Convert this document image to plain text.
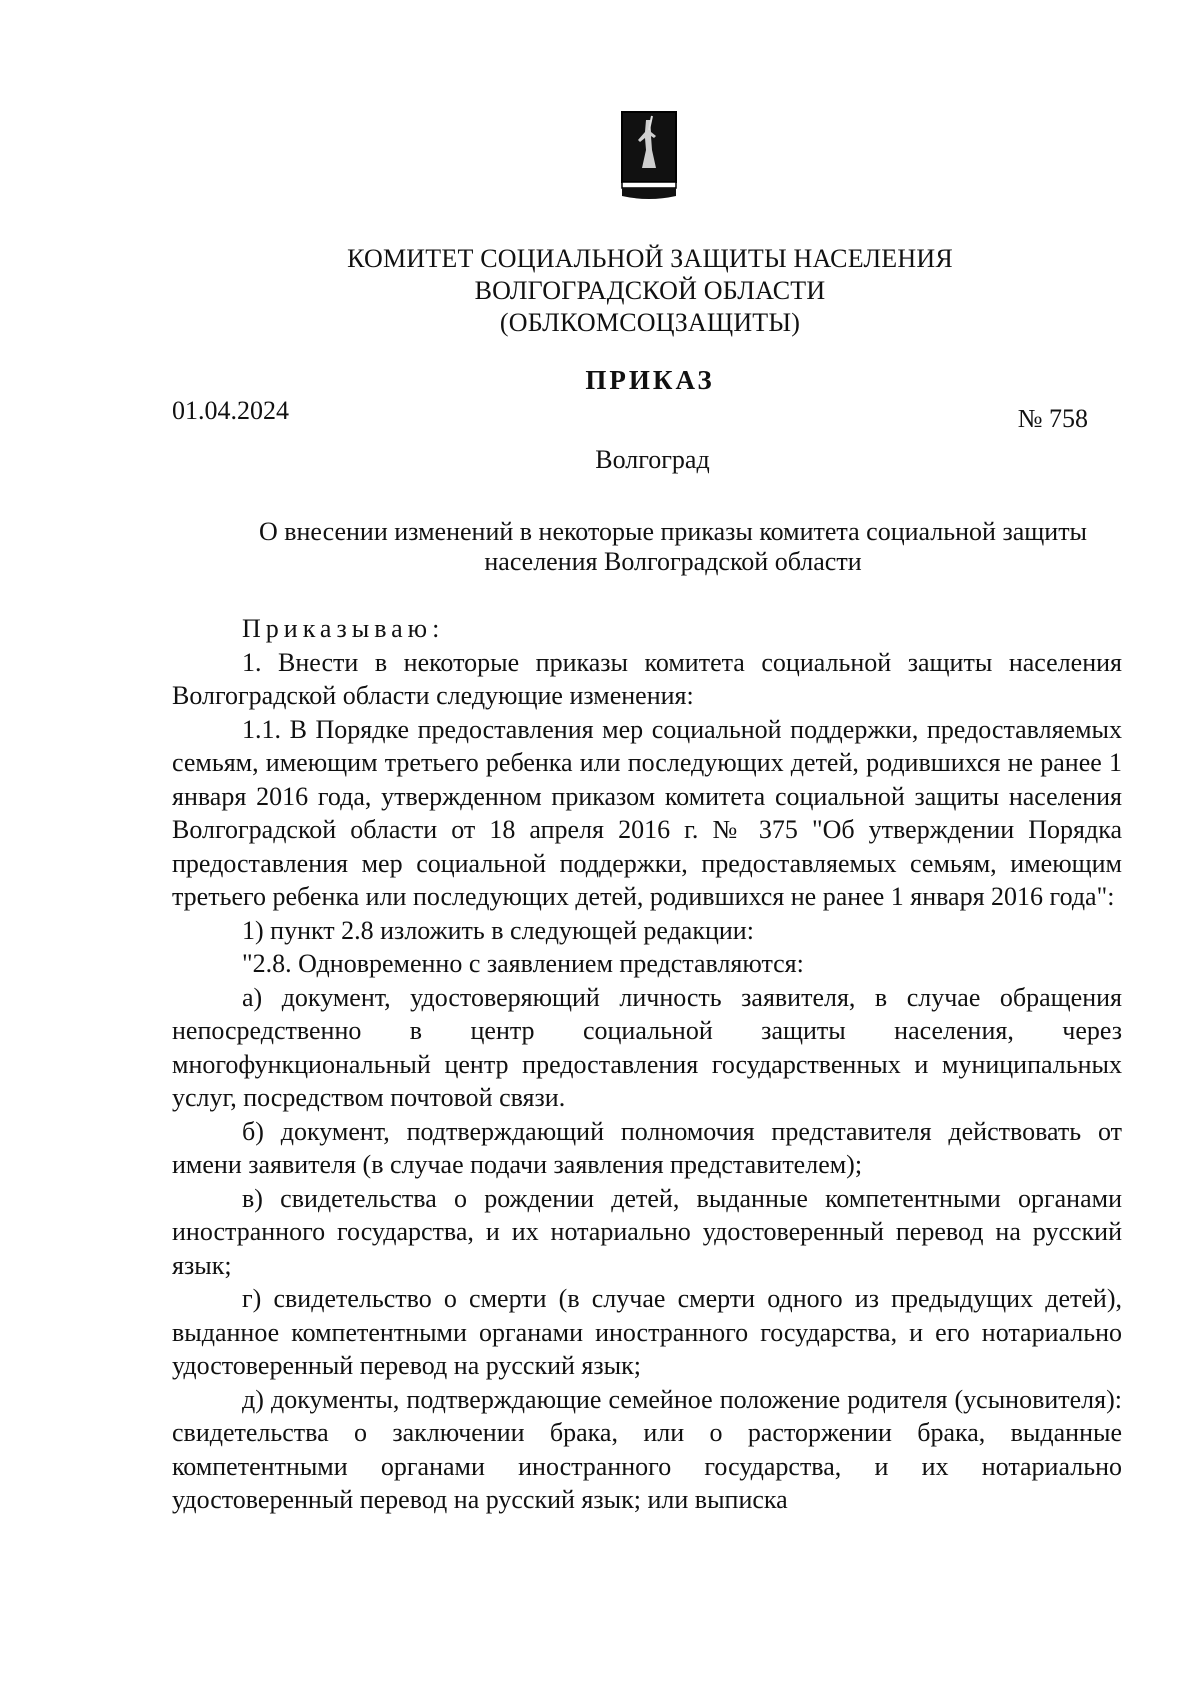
КОМИТЕТ СОЦИАЛЬНОЙ ЗАЩИТЫ НАСЕЛЕНИЯ
ВОЛГОГРАДСКОЙ ОБЛАСТИ
(ОБЛКОМСОЦЗАЩИТЫ)
ПРИКАЗ
01.04.2024	№ 758
Волгоград
О внесении изменений в некоторые приказы комитета социальной защиты
населения Волгоградской области

Приказываю:

1. Внести в некоторые приказы комитета социальной защиты населения Волгоградской области следующие изменения:

1.1. В Порядке предоставления мер социальной поддержки, предоставляемых семьям, имеющим третьего ребенка или последующих детей, родившихся не ранее 1 января 2016 года, утвержденном приказом комитета социальной защиты населения Волгоградской области от 18 апреля 2016 г. № 375 "Об утверждении Порядка предоставления мер социальной поддержки, предоставляемых семьям, имеющим третьего ребенка или последующих детей, родившихся не ранее 1 января 2016 года":

1) пункт 2.8 изложить в следующей редакции:

"2.8. Одновременно с заявлением представляются:

а) документ, удостоверяющий личность заявителя, в случае обращения непосредственно в центр социальной защиты населения, через многофункциональный центр предоставления государственных и муниципальных услуг, посредством почтовой связи.

б) документ, подтверждающий полномочия представителя действовать от имени заявителя (в случае подачи заявления представителем);

в) свидетельства о рождении детей, выданные компетентными органами иностранного государства, и их нотариально удостоверенный перевод на русский язык;

г) свидетельство о смерти (в случае смерти одного из предыдущих детей), выданное компетентными органами иностранного государства, и его нотариально удостоверенный перевод на русский язык;

д) документы, подтверждающие семейное положение родителя (усыновителя): свидетельства о заключении брака, или о расторжении брака, выданные компетентными органами иностранного государства, и их нотариально удостоверенный перевод на русский язык; или выписка
